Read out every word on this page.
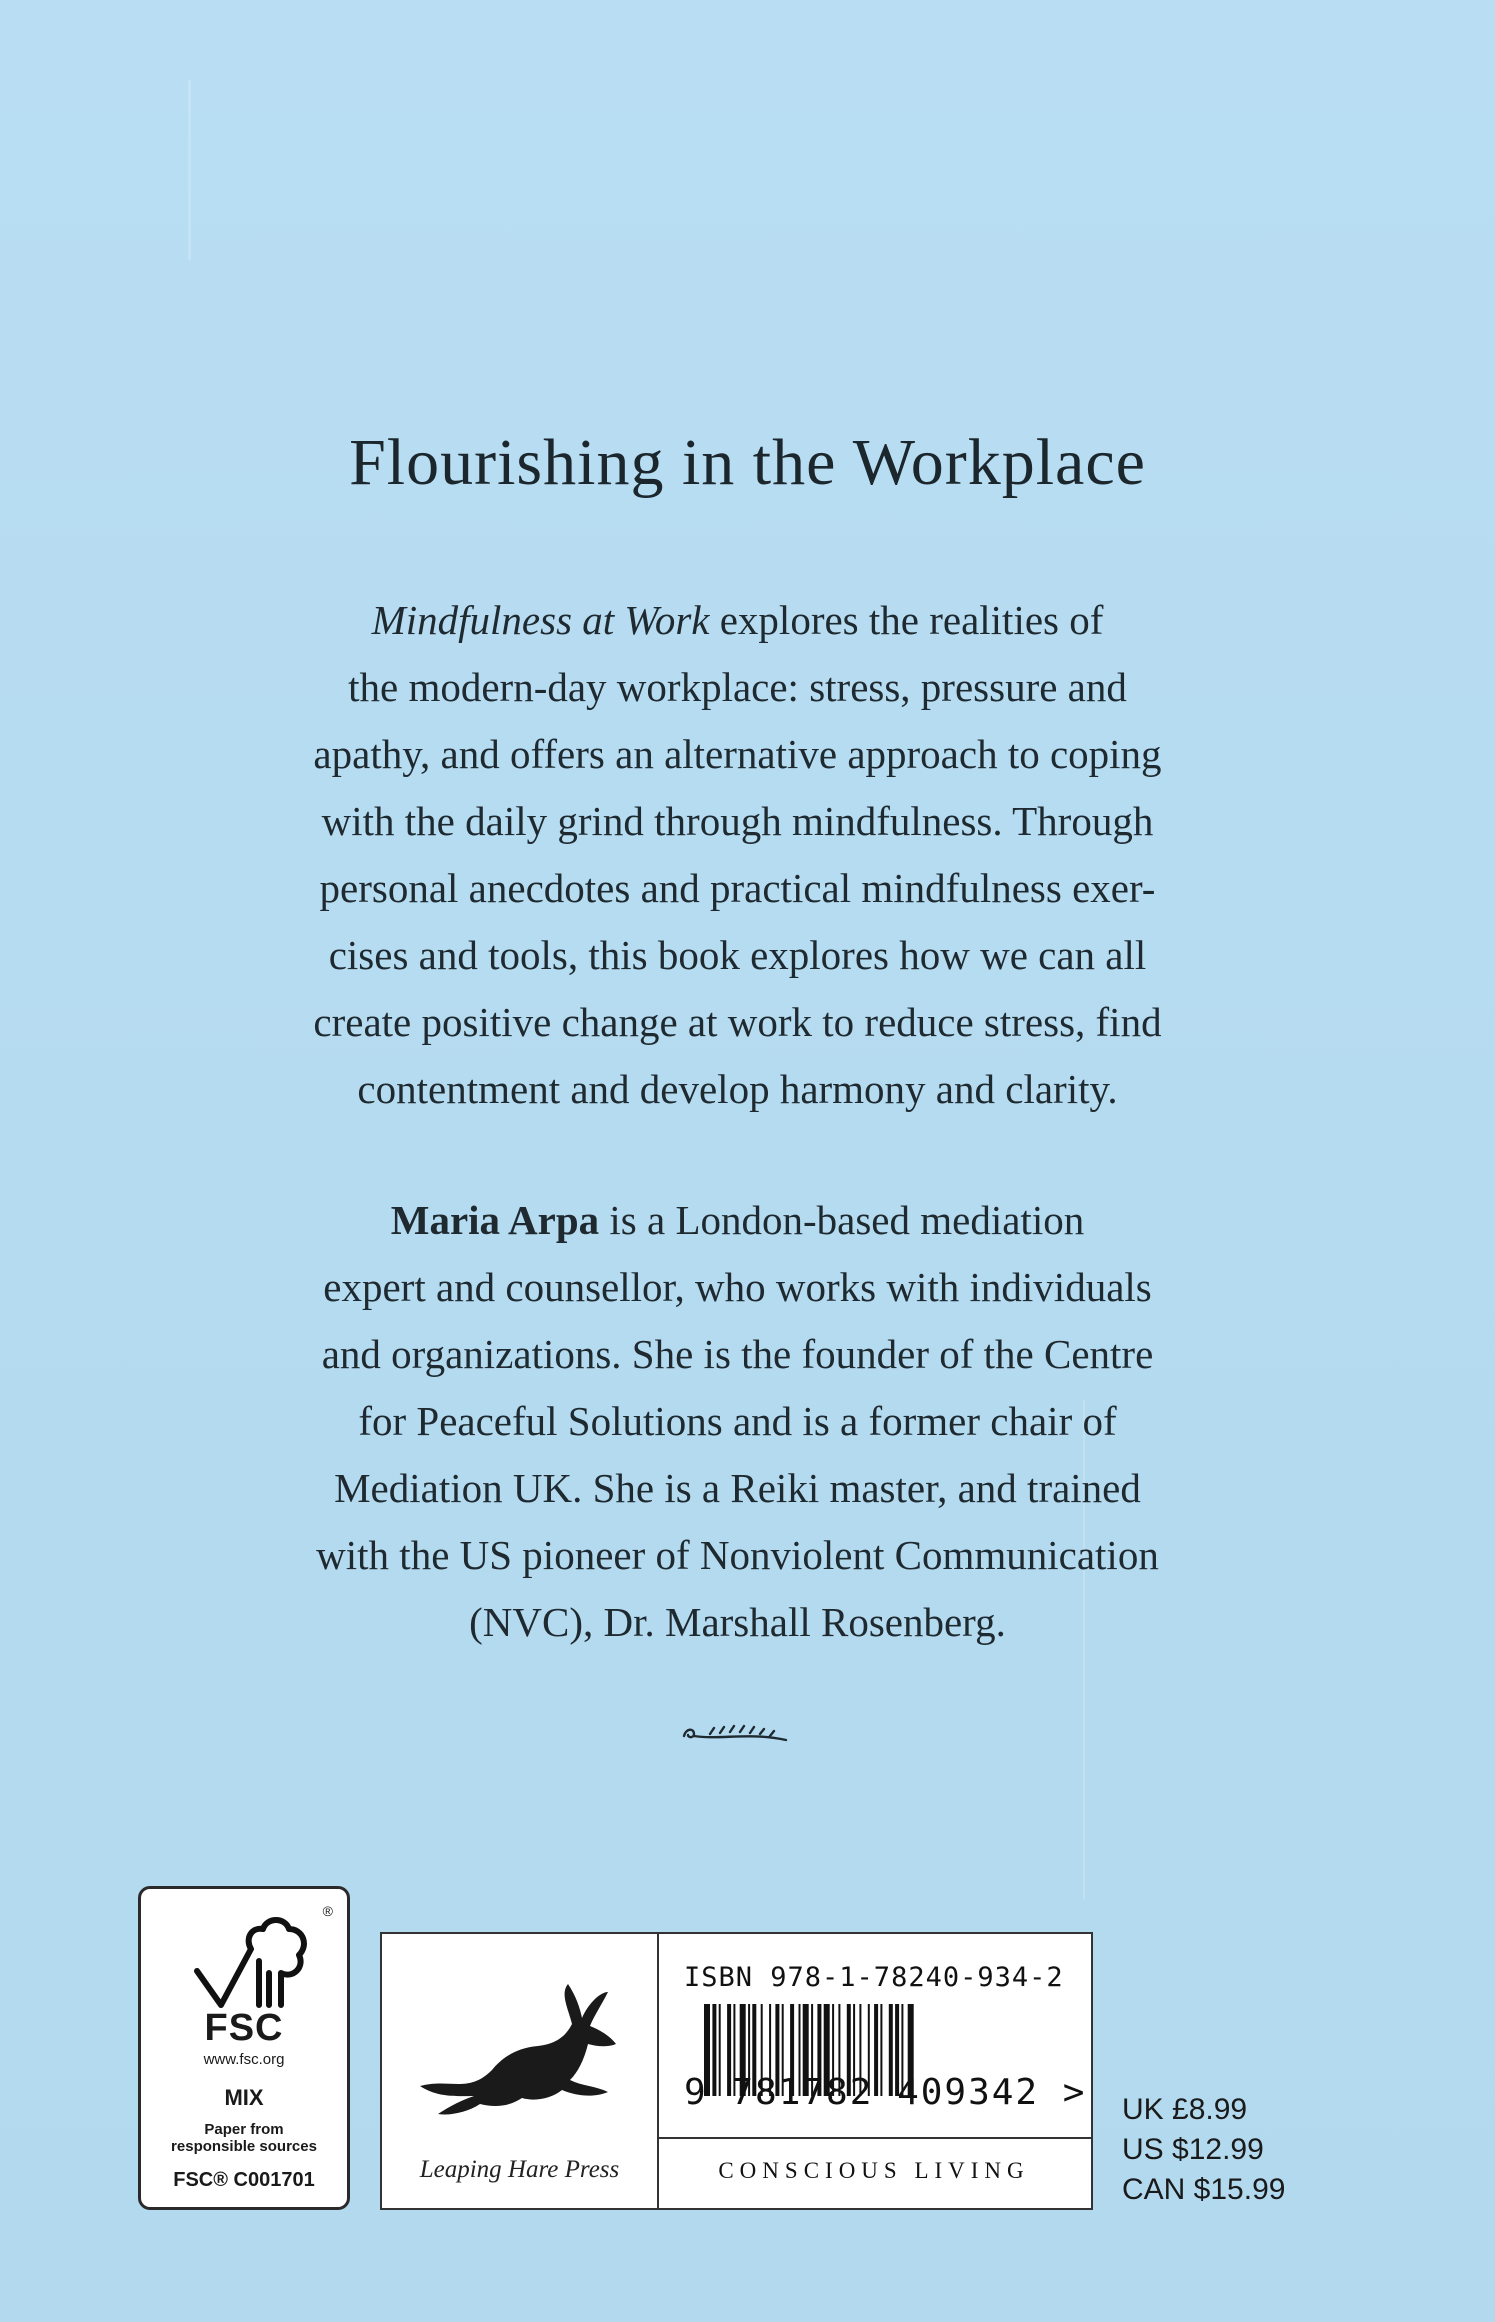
Flourishing in the Workplace
Mindfulness at Work explores the realities of
the modern-day workplace: stress, pressure and
apathy, and offers an alternative approach to coping
with the daily grind through mindfulness. Through
personal anecdotes and practical mindfulness exer-
cises and tools, this book explores how we can all
create positive change at work to reduce stress, find
contentment and develop harmony and clarity.
Maria Arpa is a London-based mediation
expert and counsellor, who works with individuals
and organizations. She is the founder of the Centre
for Peaceful Solutions and is a former chair of
Mediation UK. She is a Reiki master, and trained
with the US pioneer of Nonviolent Communication
(NVC), Dr. Marshall Rosenberg.
®
FSC
www.fsc.org
MIX
Paper from
responsible sources
FSC® C001701	Leaping Hare Press
ISBN 978-1-78240-934-2
9 781782 409342 >
CONSCIOUS LIVING
UK £8.99
US $12.99
CAN $15.99
